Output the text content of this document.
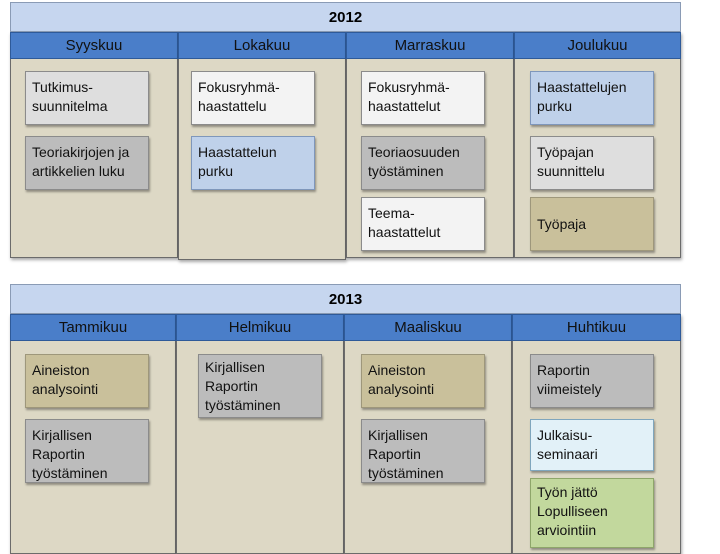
2012
Syyskuu
Tutkimus-
suunnitelma
Teoriakirjojen ja artikkelien luku
Lokakuu
Fokusryhmä-
haastattelu
Haastattelun purku
Marraskuu
Fokusryhmä-
haastattelut
Teoriaosuuden työstäminen
Teema-
haastattelut
Joulukuu
Haastattelujen purku
Työpajan suunnittelu
Työpaja
2013
Tammikuu
Aineiston analysointi
Kirjallisen Raportin työstäminen
Helmikuu
Kirjallisen Raportin työstäminen
Maaliskuu
Aineiston analysointi
Kirjallisen Raportin työstäminen
Huhtikuu
Raportin viimeistely
Julkaisu-
seminaari
Työn jättö Lopulliseen arviointiin
